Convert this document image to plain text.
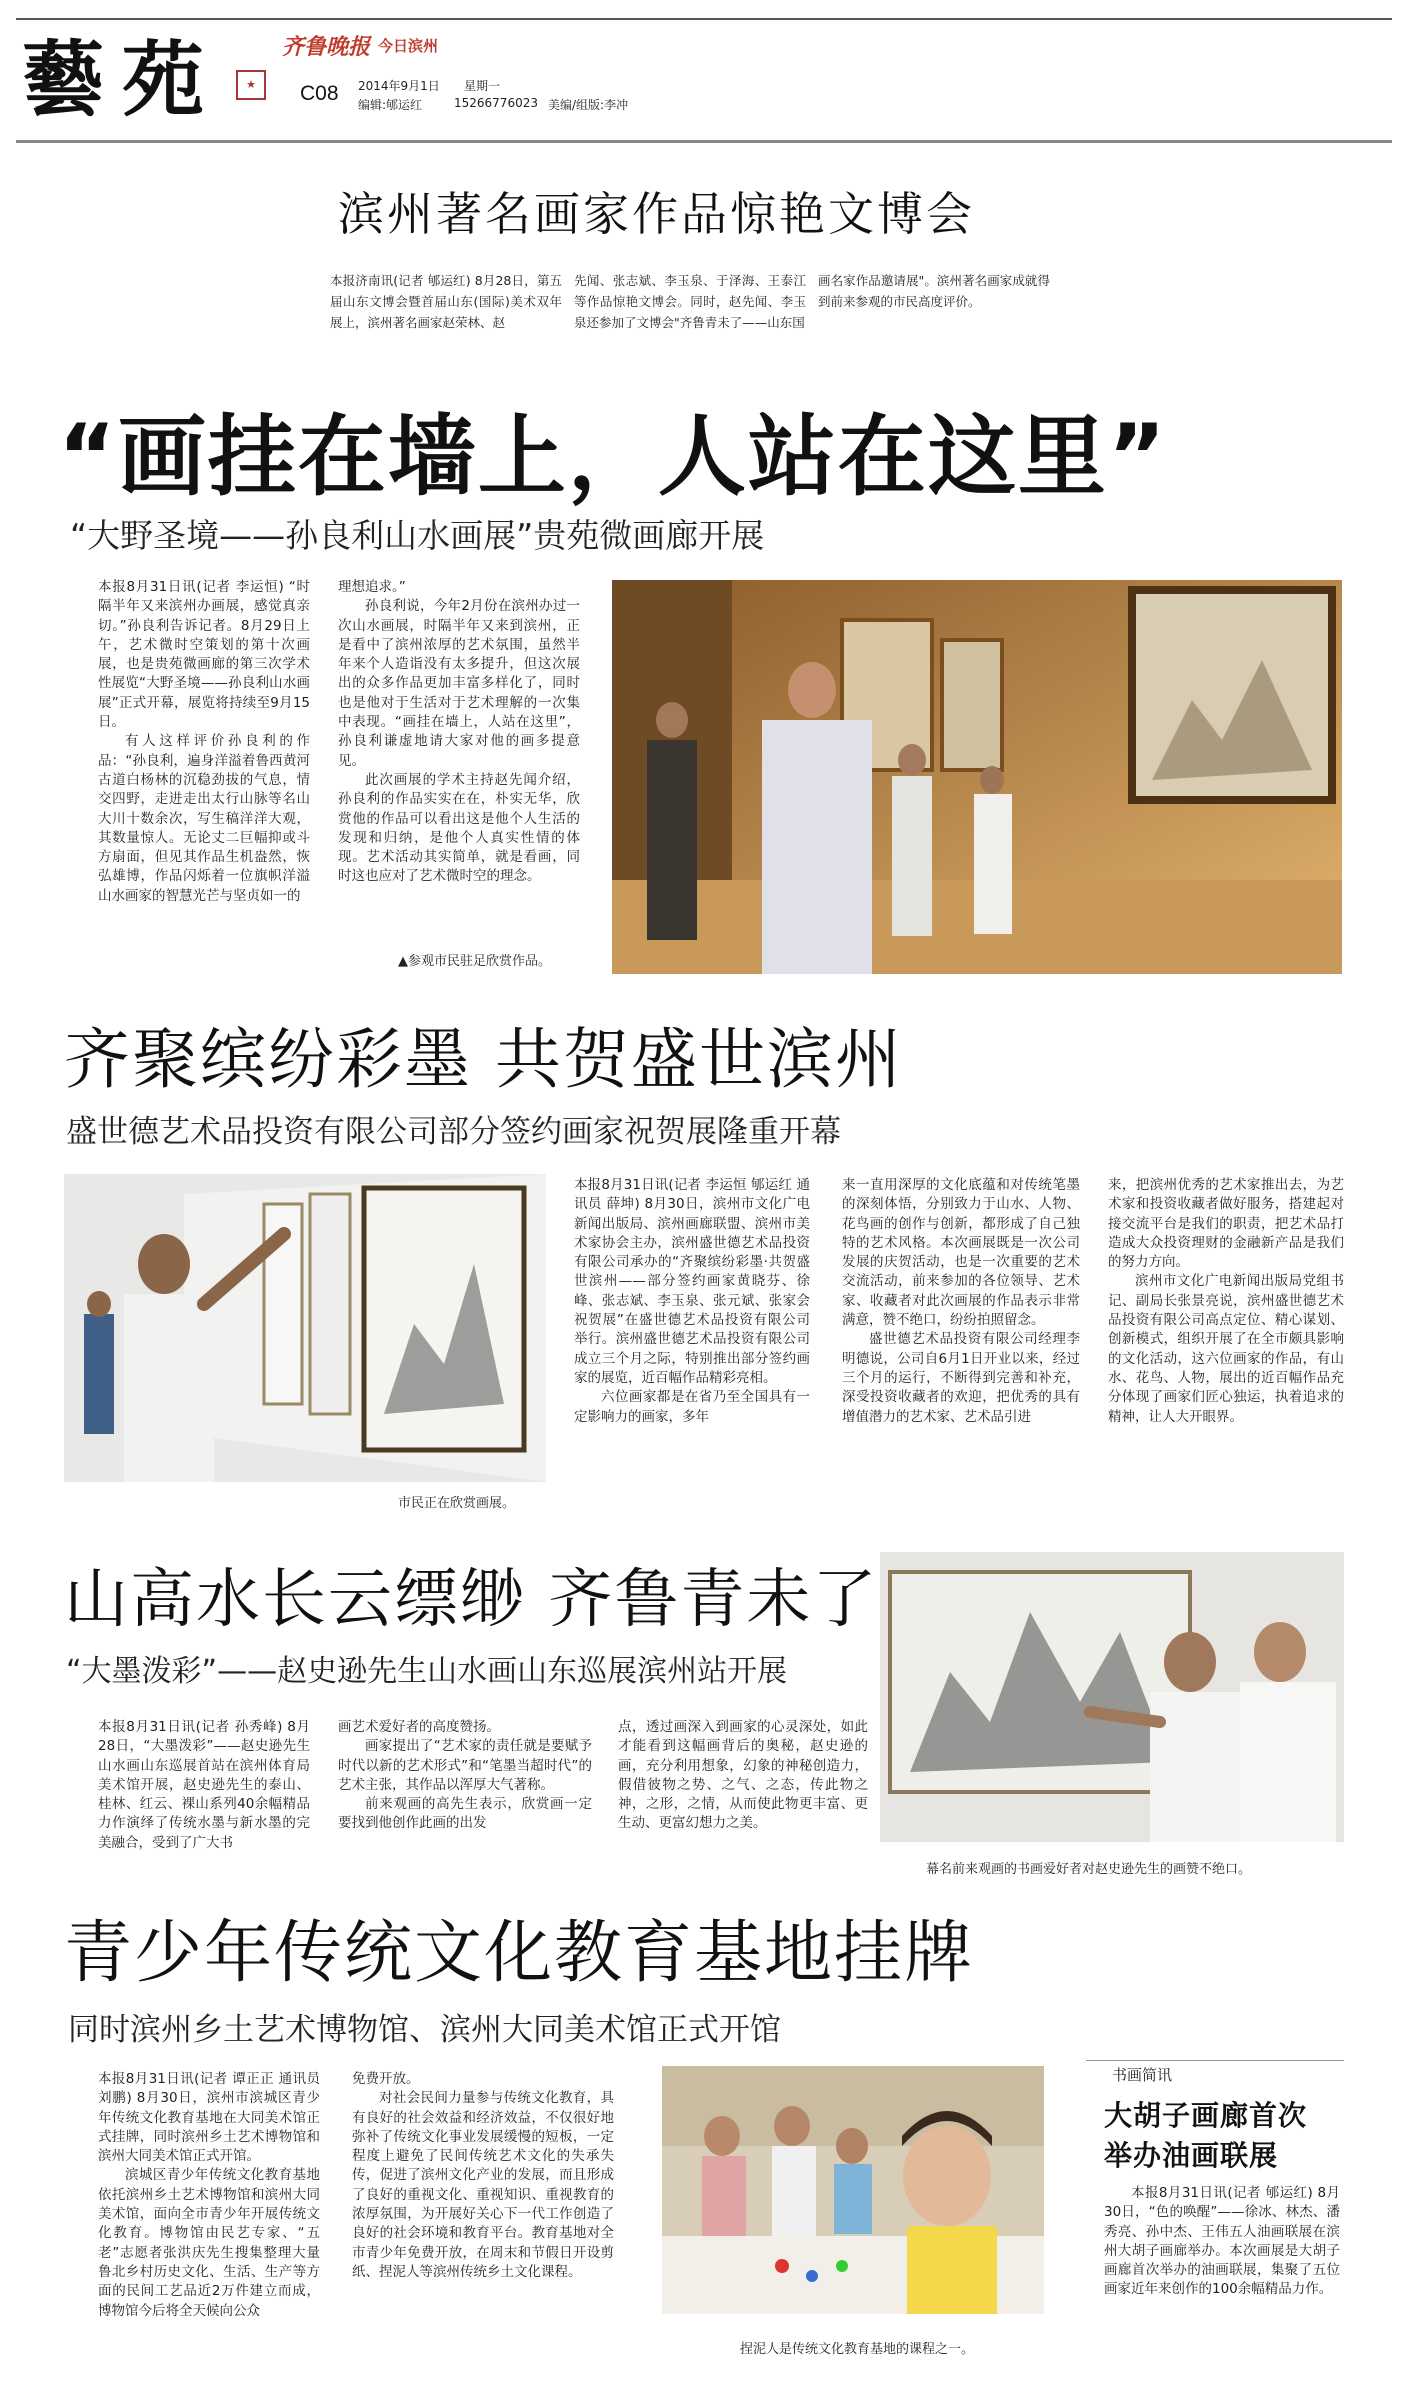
藝苑	★
齐鲁晚报 今日滨州
C08 2014年9月1日 星期一
编辑:郇运红	15266776023 美编/组版:李冲
滨州著名画家作品惊艳文博会

本报济南讯(记者 郇运红) 8月28日，第五届山东文博会暨首届山东(国际)美术双年展上，滨州著名画家赵荣林、赵

先闻、张志斌、李玉泉、于泽海、王泰江等作品惊艳文博会。同时，赵先闻、李玉泉还参加了文博会"齐鲁青未了——山东国

画名家作品邀请展"。滨州著名画家成就得到前来参观的市民高度评价。

“画挂在墙上，人站在这里”
“大野圣境——孙良利山水画展”贵苑微画廊开展

本报8月31日讯(记者 李运恒) “时隔半年又来滨州办画展，感觉真亲切。”孙良利告诉记者。8月29日上午，艺术微时空策划的第十次画展，也是贵苑微画廊的第三次学术性展览“大野圣境——孙良利山水画展”正式开幕，展览将持续至9月15日。

有人这样评价孙良利的作品：“孙良利，遍身洋溢着鲁西黄河古道白杨林的沉稳劲拔的气息，情交四野，走进走出太行山脉等名山大川十数余次，写生稿洋洋大观，其数量惊人。无论丈二巨幅抑或斗方扇面，但见其作品生机盎然，恢弘雄博，作品闪烁着一位旗帜洋溢山水画家的智慧光芒与坚贞如一的

理想追求。”

孙良利说，今年2月份在滨州办过一次山水画展，时隔半年又来到滨州，正是看中了滨州浓厚的艺术氛围，虽然半年来个人造诣没有太多提升，但这次展出的众多作品更加丰富多样化了，同时也是他对于生活对于艺术理解的一次集中表现。“画挂在墙上，人站在这里”，孙良利谦虚地请大家对他的画多提意见。

此次画展的学术主持赵先闻介绍，孙良利的作品实实在在，朴实无华，欣赏他的作品可以看出这是他个人生活的发现和归纳，是他个人真实性情的体现。艺术活动其实简单，就是看画，同时这也应对了艺术微时空的理念。

▲参观市民驻足欣赏作品。
齐聚缤纷彩墨 共贺盛世滨州
盛世德艺术品投资有限公司部分签约画家祝贺展隆重开幕
市民正在欣赏画展。

本报8月31日讯(记者 李运恒 郇运红 通讯员 薛坤) 8月30日，滨州市文化广电新闻出版局、滨州画廊联盟、滨州市美术家协会主办，滨州盛世德艺术品投资有限公司承办的“齐聚缤纷彩墨·共贺盛世滨州——部分签约画家黄晓芬、徐峰、张志斌、李玉泉、张元斌、张家会祝贺展”在盛世德艺术品投资有限公司举行。滨州盛世德艺术品投资有限公司成立三个月之际，特别推出部分签约画家的展览，近百幅作品精彩亮相。

六位画家都是在省乃至全国具有一定影响力的画家，多年

来一直用深厚的文化底蕴和对传统笔墨的深刻体悟，分别致力于山水、人物、花鸟画的创作与创新，都形成了自己独特的艺术风格。本次画展既是一次公司发展的庆贺活动，也是一次重要的艺术交流活动，前来参加的各位领导、艺术家、收藏者对此次画展的作品表示非常满意，赞不绝口，纷纷拍照留念。

盛世德艺术品投资有限公司经理李明德说，公司自6月1日开业以来，经过三个月的运行，不断得到完善和补充，深受投资收藏者的欢迎，把优秀的具有增值潜力的艺术家、艺术品引进

来，把滨州优秀的艺术家推出去，为艺术家和投资收藏者做好服务，搭建起对接交流平台是我们的职责，把艺术品打造成大众投资理财的金融新产品是我们的努力方向。

滨州市文化广电新闻出版局党组书记、副局长张景亮说，滨州盛世德艺术品投资有限公司高点定位、精心谋划、创新模式，组织开展了在全市颇具影响的文化活动，这六位画家的作品，有山水、花鸟、人物，展出的近百幅作品充分体现了画家们匠心独运，执着追求的精神，让人大开眼界。

山高水长云缥缈 齐鲁青未了
“大墨泼彩”——赵史逊先生山水画山东巡展滨州站开展
幕名前来观画的书画爱好者对赵史逊先生的画赞不绝口。

本报8月31日讯(记者 孙秀峰) 8月28日，“大墨泼彩”——赵史逊先生山水画山东巡展首站在滨州体育局美术馆开展，赵史逊先生的泰山、桂林、红云、裸山系列40余幅精品力作演绎了传统水墨与新水墨的完美融合，受到了广大书

画艺术爱好者的高度赞扬。

画家提出了“艺术家的责任就是要赋予时代以新的艺术形式”和“笔墨当超时代”的艺术主张，其作品以浑厚大气著称。

前来观画的高先生表示，欣赏画一定要找到他创作此画的出发

点，透过画深入到画家的心灵深处，如此才能看到这幅画背后的奥秘，赵史逊的画，充分利用想象，幻象的神秘创造力，假借彼物之势、之气、之态，传此物之神，之形，之情，从而使此物更丰富、更生动、更富幻想力之美。

青少年传统文化教育基地挂牌
同时滨州乡土艺术博物馆、滨州大同美术馆正式开馆

本报8月31日讯(记者 谭正正 通讯员 刘鹏) 8月30日，滨州市滨城区青少年传统文化教育基地在大同美术馆正式挂牌，同时滨州乡土艺术博物馆和滨州大同美术馆正式开馆。

滨城区青少年传统文化教育基地依托滨州乡土艺术博物馆和滨州大同美术馆，面向全市青少年开展传统文化教育。博物馆由民艺专家、“五老”志愿者张洪庆先生搜集整理大量鲁北乡村历史文化、生活、生产等方面的民间工艺品近2万件建立而成，博物馆今后将全天候向公众

免费开放。

对社会民间力量参与传统文化教育，具有良好的社会效益和经济效益，不仅很好地弥补了传统文化事业发展缓慢的短板，一定程度上避免了民间传统艺术文化的失承失传，促进了滨州文化产业的发展，而且形成了良好的重视文化、重视知识、重视教育的浓厚氛围，为开展好关心下一代工作创造了良好的社会环境和教育平台。教育基地对全市青少年免费开放，在周末和节假日开设剪纸、捏泥人等滨州传统乡土文化课程。

捏泥人是传统文化教育基地的课程之一。
书画简讯
大胡子画廊首次
举办油画联展

本报8月31日讯(记者 郇运红) 8月30日，“色的唤醒”——徐冰、林杰、潘秀亮、孙中杰、王伟五人油画联展在滨州大胡子画廊举办。本次画展是大胡子画廊首次举办的油画联展，集聚了五位画家近年来创作的100余幅精品力作。
